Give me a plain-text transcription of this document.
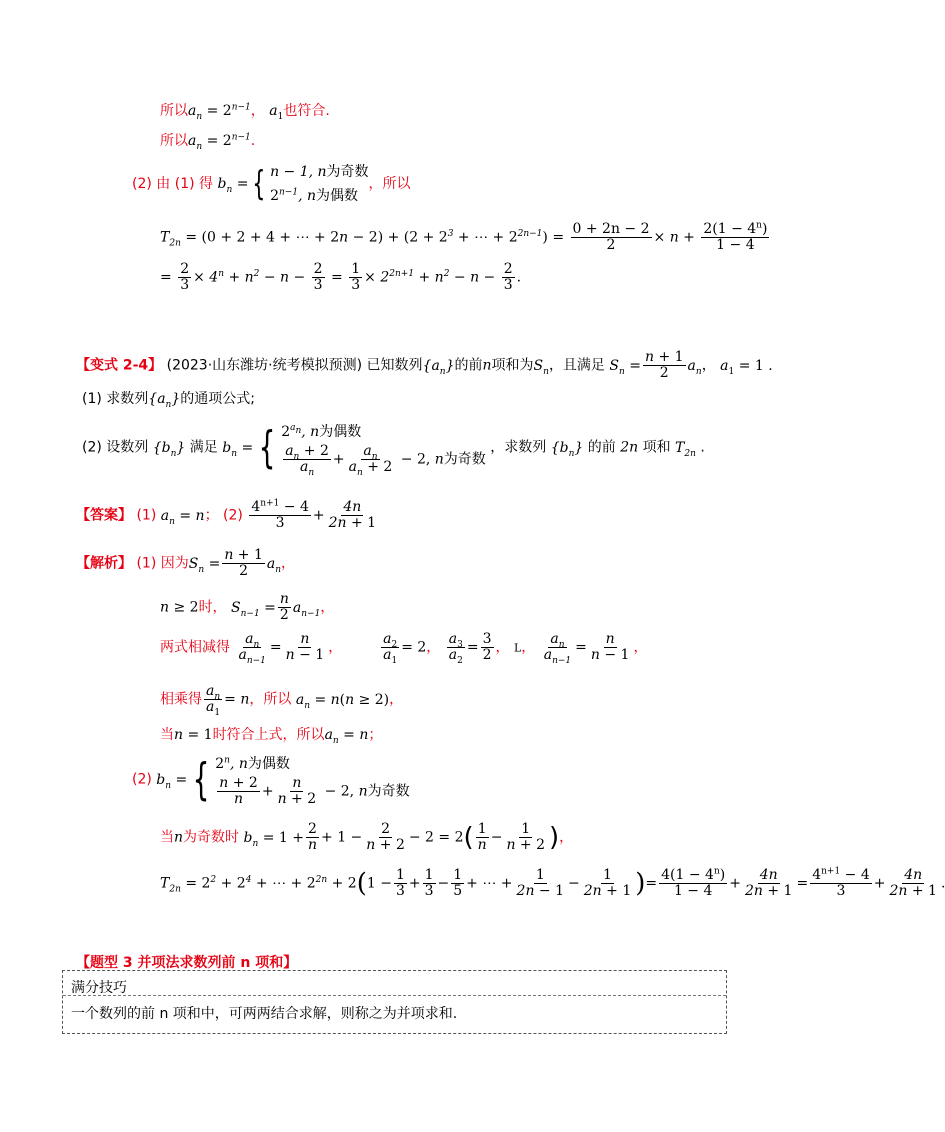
所以$a_n = 2^{n-1}$， $a_1$也符合.
所以$a_n = 2^{n-1}$.
(2) 由 (1) 得 $b_n$ = { n − 1, n为奇数
$2^{n-1}$, n为偶数
，所以
$T_{2n} = (0 + 2 + 4$ + ⋯ + $2n - 2) + (2 + 2^3$ + ⋯ + $2^{2n-1}) = \frac{0 + 2n - 2}{2} \times n + \frac{2(1 - 4^n)}{1 - 4}$
= $\frac{2}{3} \times 4^n + n^2 - n - \frac{2}{3} = \frac{1}{3} \times 2^{2n+1} + n^2 - n - \frac{2}{3}$ .
【变式 2-4】 (2023·山东潍坊·统考模拟预测) 已知数列$\{a_n\}$的前n项和为$S_n$，且满足 $S_n = \frac{n + 1}{2} a_n$， $a_1 = 1$ .
(1) 求数列$\{a_n\}$的通项公式;
(2) 设数列 $\{b_n\}$ 满足 $b_n$ = { $2^{a_n}$, n为偶数
$\frac{a_n + 2}{a_n} + \frac{a_n}{a_n + 2} - 2$, n为奇数
，求数列 $\{b_n\}$ 的前 2n 项和 $T_{2n}$ .
【答案】 (1) $a_n = n$； $(2) \frac{4^{n+1} - 4}{3} + \frac{4n}{2n + 1}$
【解析】 (1) 因为$S_n = \frac{n + 1}{2} a_n$，
n ≥ 2时， $S_{n-1} = \frac{n}{2} a_{n-1}$，
两式相减得 $\frac{a_n}{a_{n-1}} = \frac{n}{n - 1}$ ，	$\frac{a_2}{a_1} = 2$， $\frac{a_3}{a_2} = \frac{3}{2}$ ， L， $\frac{a_n}{a_{n-1}} = \frac{n}{n - 1}$ ，
相乘得 $\frac{a_n}{a_1} = n$，所以 $a_n = n(n \ge 2)$，
当n = 1时符合上式，所以$a_n = n$；
(2) $b_n$ = { 2$^n$, n为偶数
$\frac{n + 2}{n} + \frac{n}{n + 2} - 2$, n为奇数
当n为奇数时 $b_n = 1 + \frac{2}{n} + 1 - \frac{2}{n + 2} - 2 = 2( \frac{1}{n} - \frac{1}{n + 2}$ )，
$T_{2n} = 2^2 + 2^4$ + ⋯ + $2^{2n} + 2(1 - \frac{1}{3} + \frac{1}{3} - \frac{1}{5}$ + ⋯ + $\frac{1}{2n - 1} - \frac{1}{2n + 1}$ )= $\frac{4(1 - 4^n)}{1 - 4} + \frac{4n}{2n + 1} = \frac{4^{n+1} - 4}{3} + \frac{4n}{2n + 1}$ .
【题型 3 并项法求数列前 n 项和】
满分技巧
一个数列的前 n 项和中，可两两结合求解，则称之为并项求和.
